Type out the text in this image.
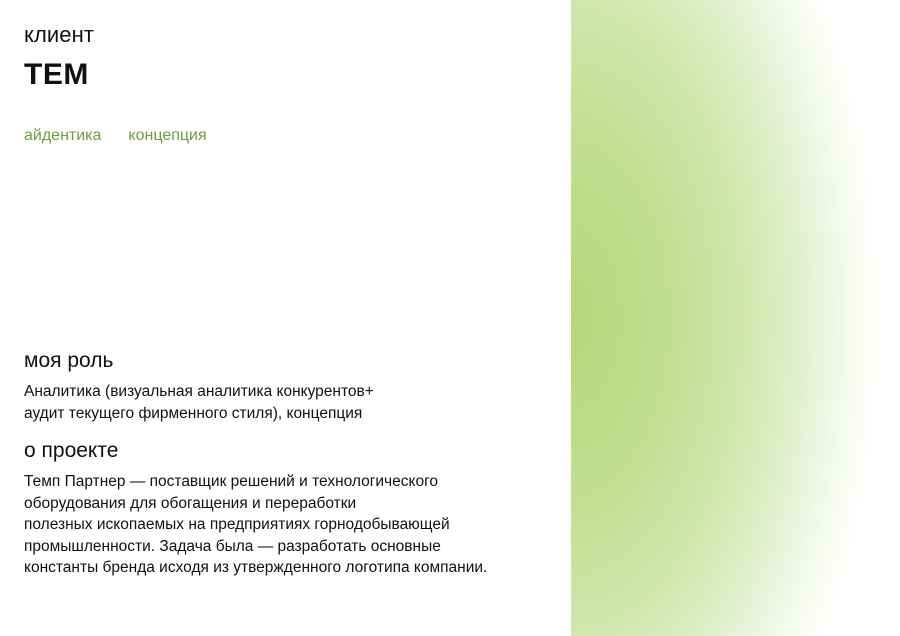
клиент
ТЕМ
айдентика концепция
моя роль
Аналитика (визуальная аналитика конкурентов+
аудит текущего фирменного стиля), концепция
о проекте
Темп Партнер — поставщик решений и технологического
оборудования для обогащения и переработки
полезных ископаемых на предприятиях горнодобывающей
промышленности. Задача была — разработать основные
константы бренда исходя из утвержденного логотипа компании.
